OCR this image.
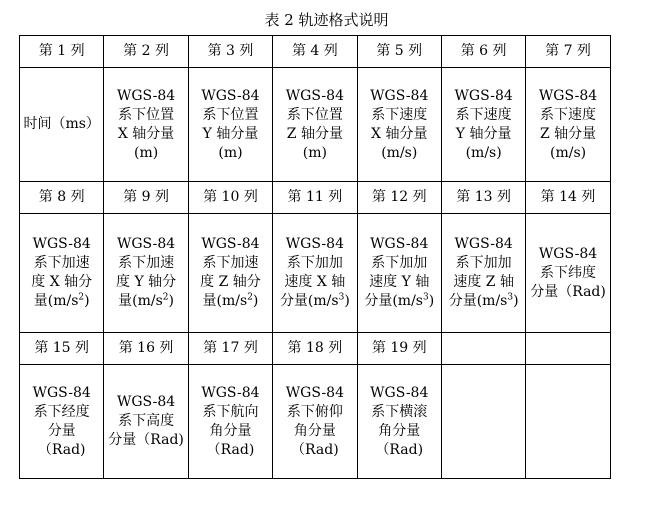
表 2 轨迹格式说明
第 1 列	第 2 列	第 3 列	第 4 列	第 5 列	第 6 列	第 7 列

时间（ms）	WGS-84
系下位置
X 轴分量
(m)	WGS-84
系下位置
Y 轴分量
(m)	WGS-84
系下位置
Z 轴分量
(m)	WGS-84
系下速度
X 轴分量
(m/s)	WGS-84
系下速度
Y 轴分量
(m/s)	WGS-84
系下速度
Z 轴分量
(m/s)

第 8 列	第 9 列	第 10 列	第 11 列	第 12 列	第 13 列	第 14 列

WGS-84
系下加速
度 X 轴分
量$(m/s^2)$	WGS-84
系下加速
度 Y 轴分
量$(m/s^2)$	WGS-84
系下加速
度 Z 轴分
量$(m/s^2)$	WGS-84
系下加加
速度 X 轴
分量$(m/s^3)$	WGS-84
系下加加
速度 Y 轴
分量$(m/s^3)$	WGS-84
系下加加
速度 Z 轴
分量$(m/s^3)$	WGS-84
系下纬度
分量（Rad)

第 15 列	第 16 列	第 17 列	第 18 列	第 19 列		

WGS-84
系下经度
分量
（Rad)	WGS-84
系下高度
分量（Rad)	WGS-84
系下航向
角分量
（Rad)	WGS-84
系下俯仰
角分量
（Rad)	WGS-84
系下横滚
角分量
（Rad)		
